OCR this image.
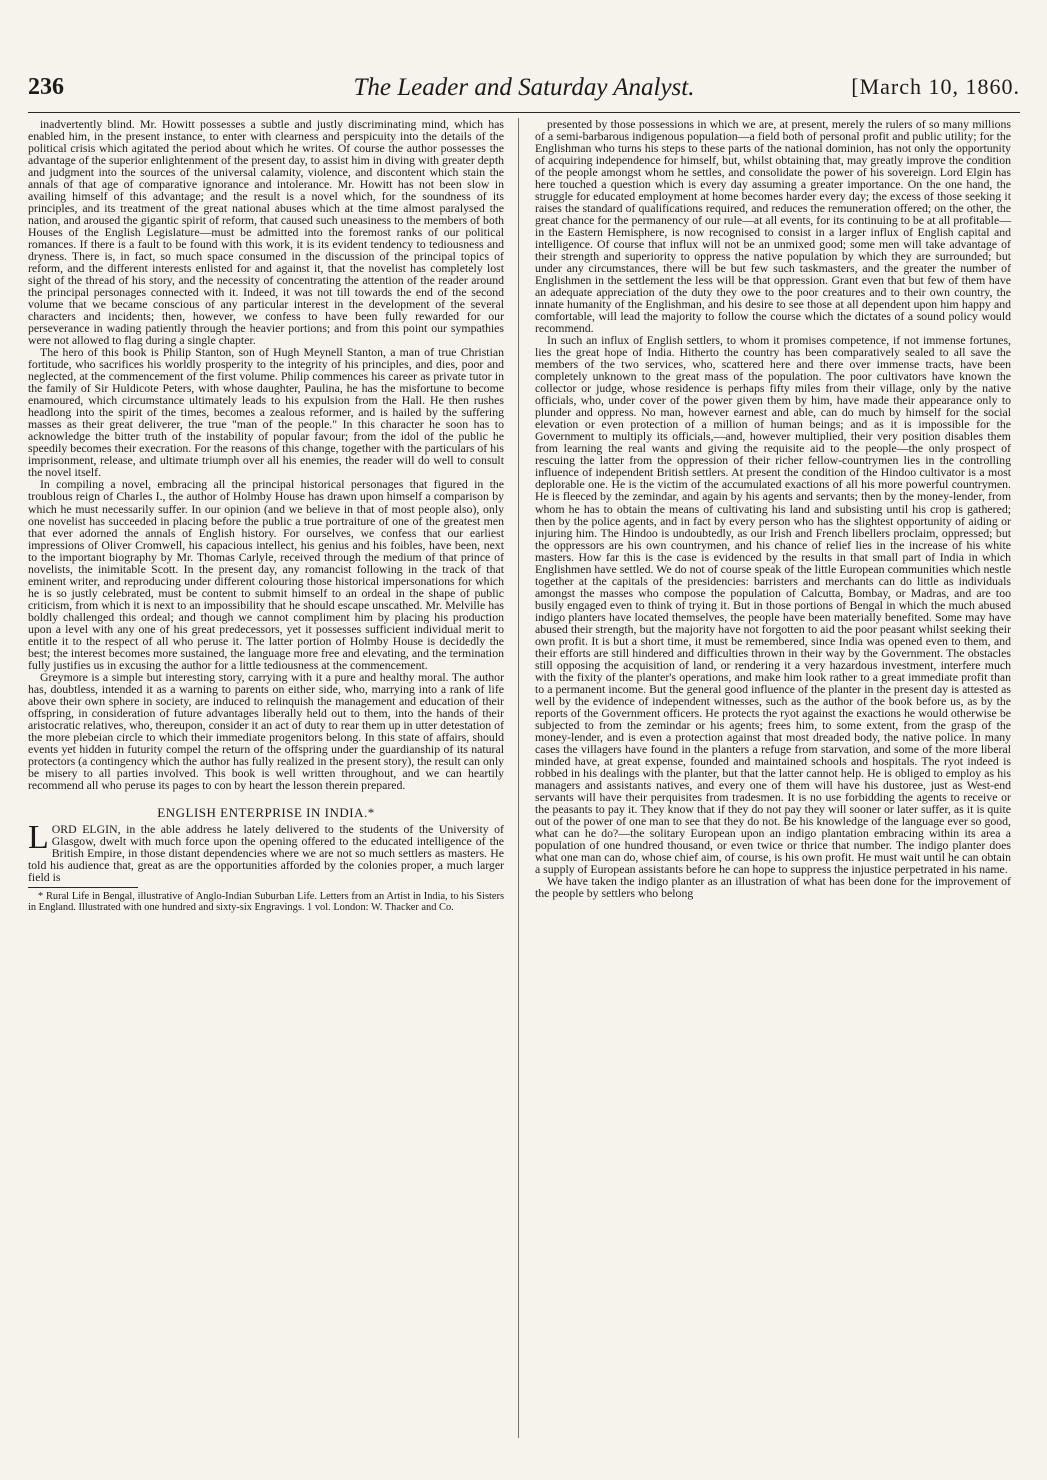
236	The Leader and Saturday Analyst.	[March 10, 1860.

inadvertently blind. Mr. Howitt possesses a subtle and justly discriminating mind, which has enabled him, in the present instance, to enter with clearness and perspicuity into the details of the political crisis which agitated the period about which he writes. Of course the author possesses the advantage of the superior enlightenment of the present day, to assist him in diving with greater depth and judgment into the sources of the universal calamity, violence, and discontent which stain the annals of that age of comparative ignorance and intolerance. Mr. Howitt has not been slow in availing himself of this advantage; and the result is a novel which, for the soundness of its principles, and its treatment of the great national abuses which at the time almost paralysed the nation, and aroused the gigantic spirit of reform, that caused such uneasiness to the members of both Houses of the English Legislature—must be admitted into the foremost ranks of our political romances. If there is a fault to be found with this work, it is its evident tendency to tediousness and dryness. There is, in fact, so much space consumed in the discussion of the principal topics of reform, and the different interests enlisted for and against it, that the novelist has completely lost sight of the thread of his story, and the necessity of concentrating the attention of the reader around the principal personages connected with it. Indeed, it was not till towards the end of the second volume that we became conscious of any particular interest in the development of the several characters and incidents; then, however, we confess to have been fully rewarded for our perseverance in wading patiently through the heavier portions; and from this point our sympathies were not allowed to flag during a single chapter.

The hero of this book is Philip Stanton, son of Hugh Meynell Stanton, a man of true Christian fortitude, who sacrifices his worldly prosperity to the integrity of his principles, and dies, poor and neglected, at the commencement of the first volume. Philip commences his career as private tutor in the family of Sir Huldicote Peters, with whose daughter, Paulina, he has the misfortune to become enamoured, which circumstance ultimately leads to his expulsion from the Hall. He then rushes headlong into the spirit of the times, becomes a zealous reformer, and is hailed by the suffering masses as their great deliverer, the true "man of the people." In this character he soon has to acknowledge the bitter truth of the instability of popular favour; from the idol of the public he speedily becomes their execration. For the reasons of this change, together with the particulars of his imprisonment, release, and ultimate triumph over all his enemies, the reader will do well to consult the novel itself.

In compiling a novel, embracing all the principal historical personages that figured in the troublous reign of Charles I., the author of Holmby House has drawn upon himself a comparison by which he must necessarily suffer. In our opinion (and we believe in that of most people also), only one novelist has succeeded in placing before the public a true portraiture of one of the greatest men that ever adorned the annals of English history. For ourselves, we confess that our earliest impressions of Oliver Cromwell, his capacious intellect, his genius and his foibles, have been, next to the important biography by Mr. Thomas Carlyle, received through the medium of that prince of novelists, the inimitable Scott. In the present day, any romancist following in the track of that eminent writer, and reproducing under different colouring those historical impersonations for which he is so justly celebrated, must be content to submit himself to an ordeal in the shape of public criticism, from which it is next to an impossibility that he should escape unscathed. Mr. Melville has boldly challenged this ordeal; and though we cannot compliment him by placing his production upon a level with any one of his great predecessors, yet it possesses sufficient individual merit to entitle it to the respect of all who peruse it. The latter portion of Holmby House is decidedly the best; the interest becomes more sustained, the language more free and elevating, and the termination fully justifies us in excusing the author for a little tediousness at the commencement.

Greymore is a simple but interesting story, carrying with it a pure and healthy moral. The author has, doubtless, intended it as a warning to parents on either side, who, marrying into a rank of life above their own sphere in society, are induced to relinquish the management and education of their offspring, in consideration of future advantages liberally held out to them, into the hands of their aristocratic relatives, who, thereupon, consider it an act of duty to rear them up in utter detestation of the more plebeian circle to which their immediate progenitors belong. In this state of affairs, should events yet hidden in futurity compel the return of the offspring under the guardianship of its natural protectors (a contingency which the author has fully realized in the present story), the result can only be misery to all parties involved. This book is well written throughout, and we can heartily recommend all who peruse its pages to con by heart the lesson therein prepared.

ENGLISH ENTERPRISE IN INDIA.*
L ORD ELGIN, in the able address he lately delivered to the students of the University of Glasgow, dwelt with much force upon the opening offered to the educated intelligence of the British Empire, in those distant dependencies where we are not so much settlers as masters. He told his audience that, great as are the opportunities afforded by the colonies proper, a much larger field is

* Rural Life in Bengal, illustrative of Anglo-Indian Suburban Life. Letters from an Artist in India, to his Sisters in England. Illustrated with one hundred and sixty-six Engravings. 1 vol. London: W. Thacker and Co.

presented by those possessions in which we are, at present, merely the rulers of so many millions of a semi-barbarous indigenous population—a field both of personal profit and public utility; for the Englishman who turns his steps to these parts of the national dominion, has not only the opportunity of acquiring independence for himself, but, whilst obtaining that, may greatly improve the condition of the people amongst whom he settles, and consolidate the power of his sovereign. Lord Elgin has here touched a question which is every day assuming a greater importance. On the one hand, the struggle for educated employment at home becomes harder every day; the excess of those seeking it raises the standard of qualifications required, and reduces the remuneration offered; on the other, the great chance for the permanency of our rule—at all events, for its continuing to be at all profitable—in the Eastern Hemisphere, is now recognised to consist in a larger influx of English capital and intelligence. Of course that influx will not be an unmixed good; some men will take advantage of their strength and superiority to oppress the native population by which they are surrounded; but under any circumstances, there will be but few such taskmasters, and the greater the number of Englishmen in the settlement the less will be that oppression. Grant even that but few of them have an adequate appreciation of the duty they owe to the poor creatures and to their own country, the innate humanity of the Englishman, and his desire to see those at all dependent upon him happy and comfortable, will lead the majority to follow the course which the dictates of a sound policy would recommend.

In such an influx of English settlers, to whom it promises competence, if not immense fortunes, lies the great hope of India. Hitherto the country has been comparatively sealed to all save the members of the two services, who, scattered here and there over immense tracts, have been completely unknown to the great mass of the population. The poor cultivators have known the collector or judge, whose residence is perhaps fifty miles from their village, only by the native officials, who, under cover of the power given them by him, have made their appearance only to plunder and oppress. No man, however earnest and able, can do much by himself for the social elevation or even protection of a million of human beings; and as it is impossible for the Government to multiply its officials,—and, however multiplied, their very position disables them from learning the real wants and giving the requisite aid to the people—the only prospect of rescuing the latter from the oppression of their richer fellow-countrymen lies in the controlling influence of independent British settlers. At present the condition of the Hindoo cultivator is a most deplorable one. He is the victim of the accumulated exactions of all his more powerful countrymen. He is fleeced by the zemindar, and again by his agents and servants; then by the money-lender, from whom he has to obtain the means of cultivating his land and subsisting until his crop is gathered; then by the police agents, and in fact by every person who has the slightest opportunity of aiding or injuring him. The Hindoo is undoubtedly, as our Irish and French libellers proclaim, oppressed; but the oppressors are his own countrymen, and his chance of relief lies in the increase of his white masters. How far this is the case is evidenced by the results in that small part of India in which Englishmen have settled. We do not of course speak of the little European communities which nestle together at the capitals of the presidencies: barristers and merchants can do little as individuals amongst the masses who compose the population of Calcutta, Bombay, or Madras, and are too busily engaged even to think of trying it. But in those portions of Bengal in which the much abused indigo planters have located themselves, the people have been materially benefited. Some may have abused their strength, but the majority have not forgotten to aid the poor peasant whilst seeking their own profit. It is but a short time, it must be remembered, since India was opened even to them, and their efforts are still hindered and difficulties thrown in their way by the Government. The obstacles still opposing the acquisition of land, or rendering it a very hazardous investment, interfere much with the fixity of the planter's operations, and make him look rather to a great immediate profit than to a permanent income. But the general good influence of the planter in the present day is attested as well by the evidence of independent witnesses, such as the author of the book before us, as by the reports of the Government officers. He protects the ryot against the exactions he would otherwise be subjected to from the zemindar or his agents; frees him, to some extent, from the grasp of the money-lender, and is even a protection against that most dreaded body, the native police. In many cases the villagers have found in the planters a refuge from starvation, and some of the more liberal minded have, at great expense, founded and maintained schools and hospitals. The ryot indeed is robbed in his dealings with the planter, but that the latter cannot help. He is obliged to employ as his managers and assistants natives, and every one of them will have his dustoree, just as West-end servants will have their perquisites from tradesmen. It is no use forbidding the agents to receive or the peasants to pay it. They know that if they do not pay they will sooner or later suffer, as it is quite out of the power of one man to see that they do not. Be his knowledge of the language ever so good, what can he do?—the solitary European upon an indigo plantation embracing within its area a population of one hundred thousand, or even twice or thrice that number. The indigo planter does what one man can do, whose chief aim, of course, is his own profit. He must wait until he can obtain a supply of European assistants before he can hope to suppress the injustice perpetrated in his name.

We have taken the indigo planter as an illustration of what has been done for the improvement of the people by settlers who belong
